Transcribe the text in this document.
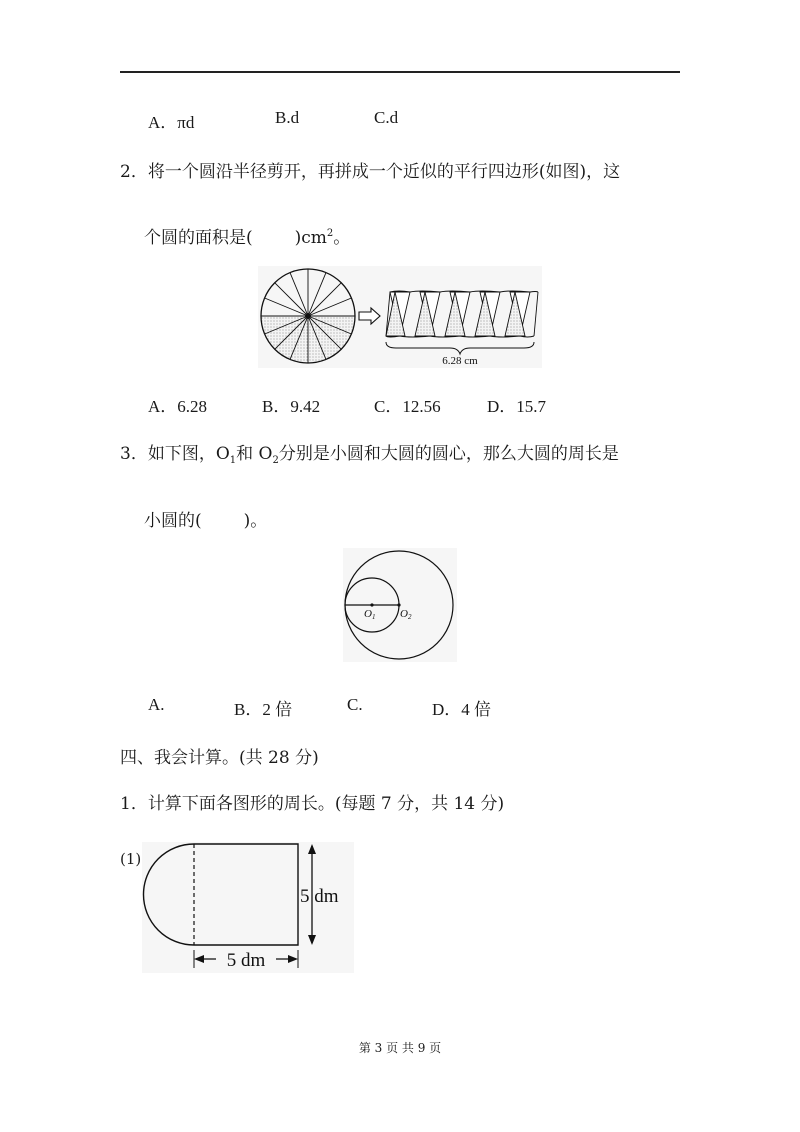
A．πd	B.d	C.d
2．将一个圆沿半径剪开，再拼成一个近似的平行四边形(如图)，这
个圆的面积是( )$cm^2$。
6.28 cm
A．6.28	B．9.42	C．12.56	D．15.7
3．如下图，$O_1$和 $O_2$分别是小圆和大圆的圆心，那么大圆的周长是
小圆的( )。
O1 O2
A.	B．2 倍	C.	D．4 倍
四、我会计算。(共 28 分)
1．计算下面各图形的周长。(每题 7 分，共 14 分)
(1)
5 dm
5 dm
第 3 页 共 9 页
